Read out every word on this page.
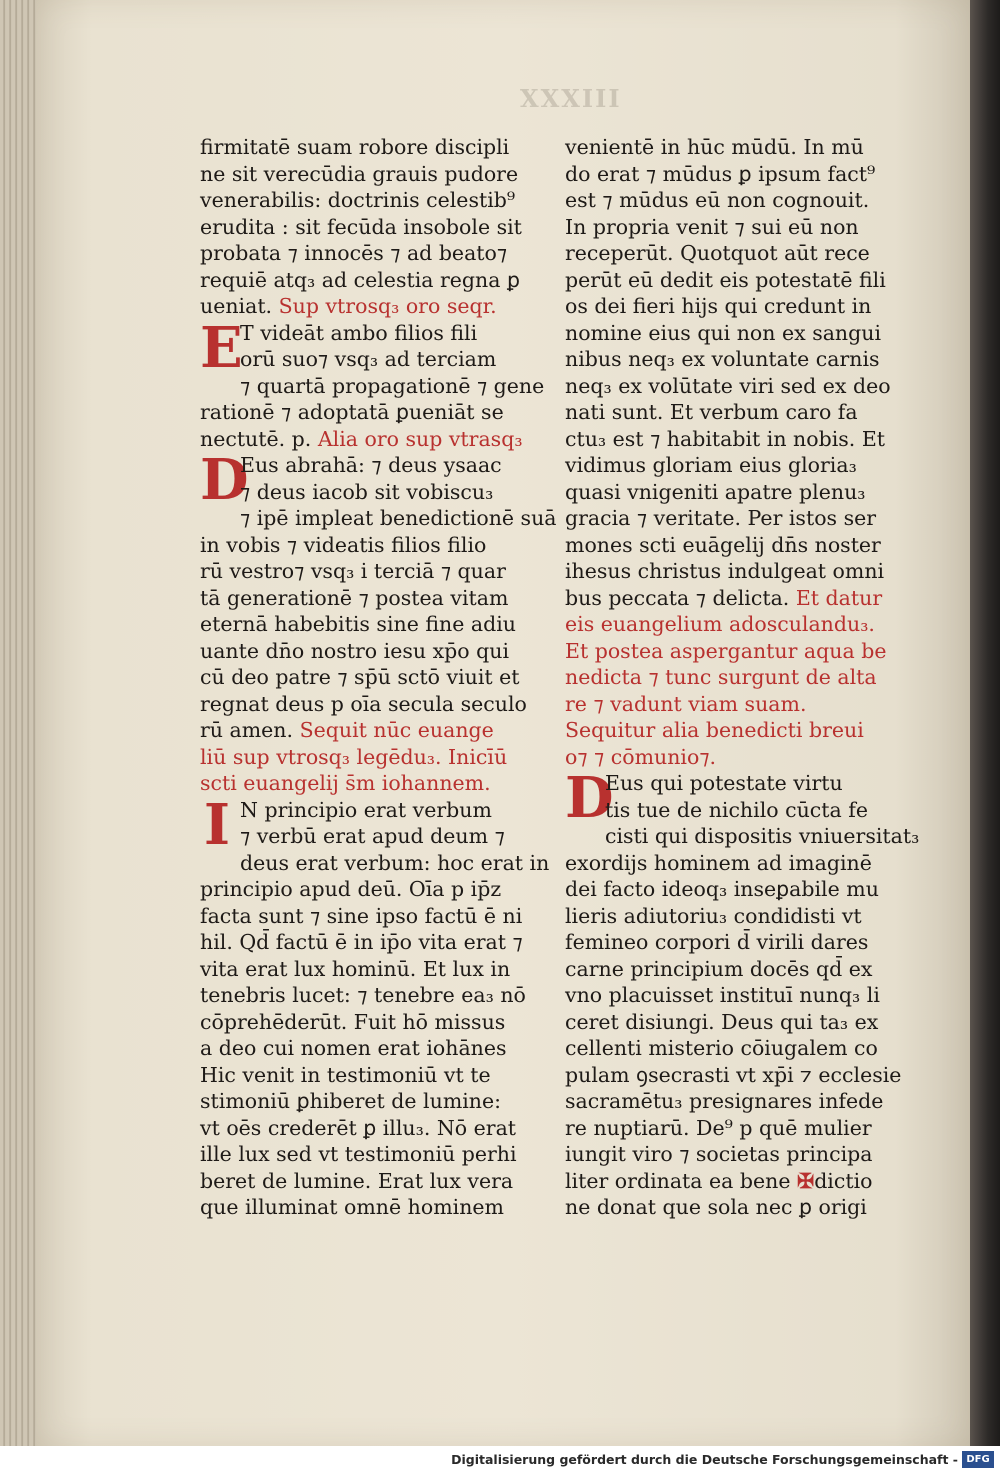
XXXIII
firmitatē suam robore discipli
ne sit verecūdia grauis pudore
venerabilis: doctrinis celestib⁹
erudita : sit fecūda insobole sit
probata ⁊ innocēs ⁊ ad beato⁊
requiē atq₃ ad celestia regna ꝑ
ueniat. Sup vtrosq₃ oro seqr.
E
T videāt ambo filios fili
orū suo⁊ vsq₃ ad terciam
⁊ quartā propagationē ⁊ gene
rationē ⁊ adoptatā ꝑueniāt se
nectutē. p. Alia oro sup vtrasq₃
D
Eus abrahā: ⁊ deus ysaac
⁊ deus iacob sit vobiscu₃
⁊ ipē impleat benedictionē suā
in vobis ⁊ videatis filios filio
rū vestro⁊ vsq₃ i terciā ⁊ quar
tā generationē ⁊ postea vitam
eternā habebitis sine fine adiu
uante dn̄o nostro iesu xp̄o qui
cū deo patre ⁊ sp̄ū sctō viuit et
regnat deus p oīa secula seculo
rū amen. Sequit nūc euange
liū sup vtrosq₃ legēdu₃. Inicīū
scti euangelij s̄m iohannem.
I N principio erat verbum
⁊ verbū erat apud deum ⁊
deus erat verbum: hoc erat in
principio apud deū. Oīa p ip̄z
facta sunt ⁊ sine ipso factū ē ni
hil. Qd̄ factū ē in ip̄o vita erat ⁊
vita erat lux hominū. Et lux in
tenebris lucet: ⁊ tenebre ea₃ nō
cōprehēderūt. Fuit hō missus
a deo cui nomen erat iohānes
Hic venit in testimoniū vt te
stimoniū ꝑhiberet de lumine:
vt oēs crederēt ꝑ illu₃. Nō erat
ille lux sed vt testimoniū perhi
beret de lumine. Erat lux vera
que illuminat omnē hominem
venientē in hūc mūdū. In mū
do erat ⁊ mūdus ꝑ ipsum fact⁹
est ⁊ mūdus eū non cognouit.
In propria venit ⁊ sui eū non
receperūt. Quotquot aūt rece
perūt eū dedit eis potestatē fili
os dei fieri hijs qui credunt in
nomine eius qui non ex sangui
nibus neq₃ ex voluntate carnis
neq₃ ex volūtate viri sed ex deo
nati sunt. Et verbum caro fa
ctu₃ est ⁊ habitabit in nobis. Et
vidimus gloriam eius gloria₃
quasi vnigeniti apatre plenu₃
gracia ⁊ veritate. Per istos ser
mones scti euāgelij dn̄s noster
ihesus christus indulgeat omni
bus peccata ⁊ delicta. Et datur
eis euangelium adosculandu₃.
Et postea aspergantur aqua be
nedicta ⁊ tunc surgunt de alta
re ⁊ vadunt viam suam.
Sequitur alia benedicti breui
o⁊ ⁊ cōmunio⁊.
D
Eus qui potestate virtu
tis tue de nichilo cūcta fe
cisti qui dispositis vniuersitat₃
exordijs hominem ad imaginē
dei facto ideoq₃ inseꝑabile mu
lieris adiutoriu₃ condidisti vt
femineo corpori d̄ virili dares
carne principium docēs qd̄ ex
vno placuisset instituī nunq₃ li
ceret disiungi. Deus qui ta₃ ex
cellenti misterio cōiugalem co
pulam ꝯsecrasti vt xp̄i ⁊ ecclesie
sacramētu₃ presignares infede
re nuptiarū. De⁹ p quē mulier
iungit viro ⁊ societas principa
liter ordinata ea bene ✠dictio
ne donat que sola nec ꝑ origi
Digitalisierung gefördert durch die Deutsche Forschungsgemeinschaft - DFG
